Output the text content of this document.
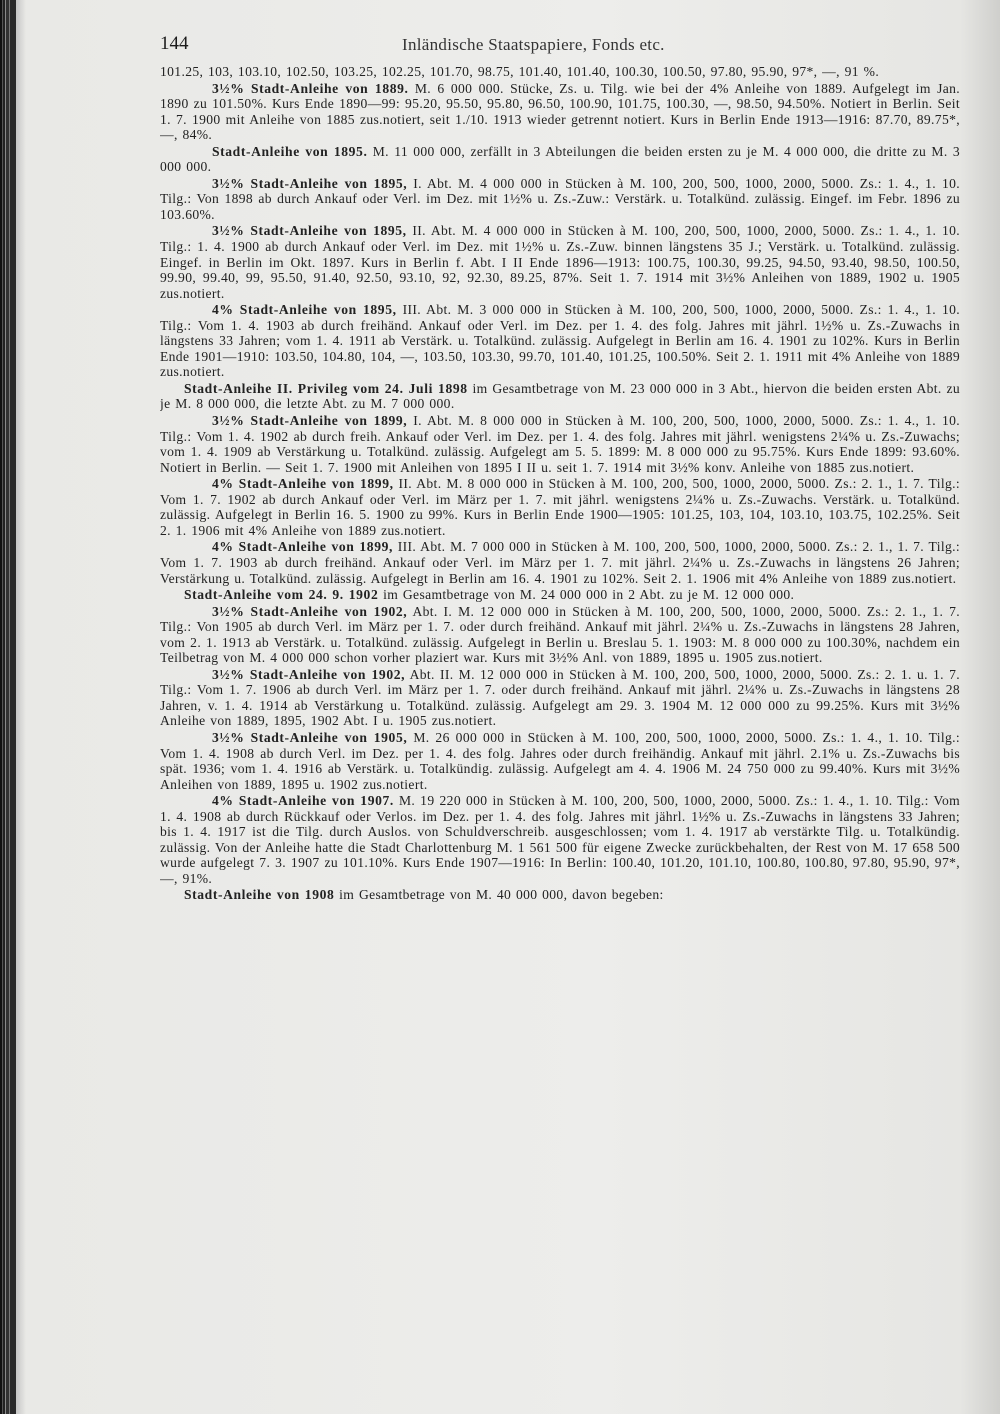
144	Inländische Staatspapiere, Fonds etc.

101.25, 103, 103.10, 102.50, 103.25, 102.25, 101.70, 98.75, 101.40, 101.40, 100.30, 100.50, 97.80, 95.90, 97*, —, 91 %.

3½% Stadt-Anleihe von 1889. M. 6 000 000. Stücke, Zs. u. Tilg. wie bei der 4% Anleihe von 1889. Aufgelegt im Jan. 1890 zu 101.50%. Kurs Ende 1890—99: 95.20, 95.50, 95.80, 96.50, 100.90, 101.75, 100.30, —, 98.50, 94.50%. Notiert in Berlin. Seit 1. 7. 1900 mit Anleihe von 1885 zus.notiert, seit 1./10. 1913 wieder getrennt notiert. Kurs in Berlin Ende 1913—1916: 87.70, 89.75*, —, 84%.

Stadt-Anleihe von 1895. M. 11 000 000, zerfällt in 3 Abteilungen die beiden ersten zu je M. 4 000 000, die dritte zu M. 3 000 000.

3½% Stadt-Anleihe von 1895, I. Abt. M. 4 000 000 in Stücken à M. 100, 200, 500, 1000, 2000, 5000. Zs.: 1. 4., 1. 10. Tilg.: Von 1898 ab durch Ankauf oder Verl. im Dez. mit 1½% u. Zs.-Zuw.: Verstärk. u. Totalkünd. zulässig. Eingef. im Febr. 1896 zu 103.60%.

3½% Stadt-Anleihe von 1895, II. Abt. M. 4 000 000 in Stücken à M. 100, 200, 500, 1000, 2000, 5000. Zs.: 1. 4., 1. 10. Tilg.: 1. 4. 1900 ab durch Ankauf oder Verl. im Dez. mit 1½% u. Zs.-Zuw. binnen längstens 35 J.; Verstärk. u. Totalkünd. zulässig. Eingef. in Berlin im Okt. 1897. Kurs in Berlin f. Abt. I II Ende 1896—1913: 100.75, 100.30, 99.25, 94.50, 93.40, 98.50, 100.50, 99.90, 99.40, 99, 95.50, 91.40, 92.50, 93.10, 92, 92.30, 89.25, 87%. Seit 1. 7. 1914 mit 3½% Anleihen von 1889, 1902 u. 1905 zus.notiert.

4% Stadt-Anleihe von 1895, III. Abt. M. 3 000 000 in Stücken à M. 100, 200, 500, 1000, 2000, 5000. Zs.: 1. 4., 1. 10. Tilg.: Vom 1. 4. 1903 ab durch freihänd. Ankauf oder Verl. im Dez. per 1. 4. des folg. Jahres mit jährl. 1½% u. Zs.-Zuwachs in längstens 33 Jahren; vom 1. 4. 1911 ab Verstärk. u. Totalkünd. zulässig. Aufgelegt in Berlin am 16. 4. 1901 zu 102%. Kurs in Berlin Ende 1901—1910: 103.50, 104.80, 104, —, 103.50, 103.30, 99.70, 101.40, 101.25, 100.50%. Seit 2. 1. 1911 mit 4% Anleihe von 1889 zus.notiert.

Stadt-Anleihe II. Privileg vom 24. Juli 1898 im Gesamtbetrage von M. 23 000 000 in 3 Abt., hiervon die beiden ersten Abt. zu je M. 8 000 000, die letzte Abt. zu M. 7 000 000.

3½% Stadt-Anleihe von 1899, I. Abt. M. 8 000 000 in Stücken à M. 100, 200, 500, 1000, 2000, 5000. Zs.: 1. 4., 1. 10. Tilg.: Vom 1. 4. 1902 ab durch freih. Ankauf oder Verl. im Dez. per 1. 4. des folg. Jahres mit jährl. wenigstens 2¼% u. Zs.-Zuwachs; vom 1. 4. 1909 ab Verstärkung u. Totalkünd. zulässig. Aufgelegt am 5. 5. 1899: M. 8 000 000 zu 95.75%. Kurs Ende 1899: 93.60%. Notiert in Berlin. — Seit 1. 7. 1900 mit Anleihen von 1895 I II u. seit 1. 7. 1914 mit 3½% konv. Anleihe von 1885 zus.notiert.

4% Stadt-Anleihe von 1899, II. Abt. M. 8 000 000 in Stücken à M. 100, 200, 500, 1000, 2000, 5000. Zs.: 2. 1., 1. 7. Tilg.: Vom 1. 7. 1902 ab durch Ankauf oder Verl. im März per 1. 7. mit jährl. wenigstens 2¼% u. Zs.-Zuwachs. Verstärk. u. Totalkünd. zulässig. Aufgelegt in Berlin 16. 5. 1900 zu 99%. Kurs in Berlin Ende 1900—1905: 101.25, 103, 104, 103.10, 103.75, 102.25%. Seit 2. 1. 1906 mit 4% Anleihe von 1889 zus.notiert.

4% Stadt-Anleihe von 1899, III. Abt. M. 7 000 000 in Stücken à M. 100, 200, 500, 1000, 2000, 5000. Zs.: 2. 1., 1. 7. Tilg.: Vom 1. 7. 1903 ab durch freihänd. Ankauf oder Verl. im März per 1. 7. mit jährl. 2¼% u. Zs.-Zuwachs in längstens 26 Jahren; Verstärkung u. Totalkünd. zulässig. Aufgelegt in Berlin am 16. 4. 1901 zu 102%. Seit 2. 1. 1906 mit 4% Anleihe von 1889 zus.notiert.

Stadt-Anleihe vom 24. 9. 1902 im Gesamtbetrage von M. 24 000 000 in 2 Abt. zu je M. 12 000 000.

3½% Stadt-Anleihe von 1902, Abt. I. M. 12 000 000 in Stücken à M. 100, 200, 500, 1000, 2000, 5000. Zs.: 2. 1., 1. 7. Tilg.: Von 1905 ab durch Verl. im März per 1. 7. oder durch freihänd. Ankauf mit jährl. 2¼% u. Zs.-Zuwachs in längstens 28 Jahren, vom 2. 1. 1913 ab Verstärk. u. Totalkünd. zulässig. Aufgelegt in Berlin u. Breslau 5. 1. 1903: M. 8 000 000 zu 100.30%, nachdem ein Teilbetrag von M. 4 000 000 schon vorher plaziert war. Kurs mit 3½% Anl. von 1889, 1895 u. 1905 zus.notiert.

3½% Stadt-Anleihe von 1902, Abt. II. M. 12 000 000 in Stücken à M. 100, 200, 500, 1000, 2000, 5000. Zs.: 2. 1. u. 1. 7. Tilg.: Vom 1. 7. 1906 ab durch Verl. im März per 1. 7. oder durch freihänd. Ankauf mit jährl. 2¼% u. Zs.-Zuwachs in längstens 28 Jahren, v. 1. 4. 1914 ab Verstärkung u. Totalkünd. zulässig. Aufgelegt am 29. 3. 1904 M. 12 000 000 zu 99.25%. Kurs mit 3½% Anleihe von 1889, 1895, 1902 Abt. I u. 1905 zus.notiert.

3½% Stadt-Anleihe von 1905, M. 26 000 000 in Stücken à M. 100, 200, 500, 1000, 2000, 5000. Zs.: 1. 4., 1. 10. Tilg.: Vom 1. 4. 1908 ab durch Verl. im Dez. per 1. 4. des folg. Jahres oder durch freihändig. Ankauf mit jährl. 2.1% u. Zs.-Zuwachs bis spät. 1936; vom 1. 4. 1916 ab Verstärk. u. Totalkündig. zulässig. Aufgelegt am 4. 4. 1906 M. 24 750 000 zu 99.40%. Kurs mit 3½% Anleihen von 1889, 1895 u. 1902 zus.notiert.

4% Stadt-Anleihe von 1907. M. 19 220 000 in Stücken à M. 100, 200, 500, 1000, 2000, 5000. Zs.: 1. 4., 1. 10. Tilg.: Vom 1. 4. 1908 ab durch Rückkauf oder Verlos. im Dez. per 1. 4. des folg. Jahres mit jährl. 1½% u. Zs.-Zuwachs in längstens 33 Jahren; bis 1. 4. 1917 ist die Tilg. durch Auslos. von Schuldverschreib. ausgeschlossen; vom 1. 4. 1917 ab verstärkte Tilg. u. Totalkündig. zulässig. Von der Anleihe hatte die Stadt Charlottenburg M. 1 561 500 für eigene Zwecke zurückbehalten, der Rest von M. 17 658 500 wurde aufgelegt 7. 3. 1907 zu 101.10%. Kurs Ende 1907—1916: In Berlin: 100.40, 101.20, 101.10, 100.80, 100.80, 97.80, 95.90, 97*, —, 91%.

Stadt-Anleihe von 1908 im Gesamtbetrage von M. 40 000 000, davon begeben:
